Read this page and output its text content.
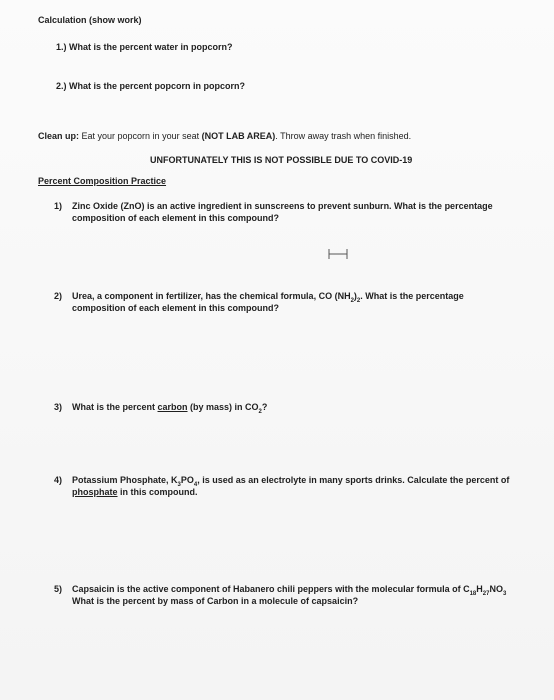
Calculation (show work)
1.) What is the percent water in popcorn?
2.) What is the percent popcorn in popcorn?
Clean up: Eat your popcorn in your seat (NOT LAB AREA). Throw away trash when finished.
UNFORTUNATELY THIS IS NOT POSSIBLE DUE TO COVID-19
Percent Composition Practice
1) Zinc Oxide (ZnO) is an active ingredient in sunscreens to prevent sunburn. What is the percentage
composition of each element in this compound?
2) Urea, a component in fertilizer, has the chemical formula, CO $(NH_2)_2$. What is the percentage
composition of each element in this compound?
3) What is the percent carbon (by mass) in $CO_2$?
4) Potassium Phosphate, $K_3PO_4$, is used as an electrolyte in many sports drinks. Calculate the percent of
phosphate in this compound.
5) Capsaicin is the active component of Habanero chili peppers with the molecular formula of $C_{18}H_{27}NO_3$
What is the percent by mass of Carbon in a molecule of capsaicin?
